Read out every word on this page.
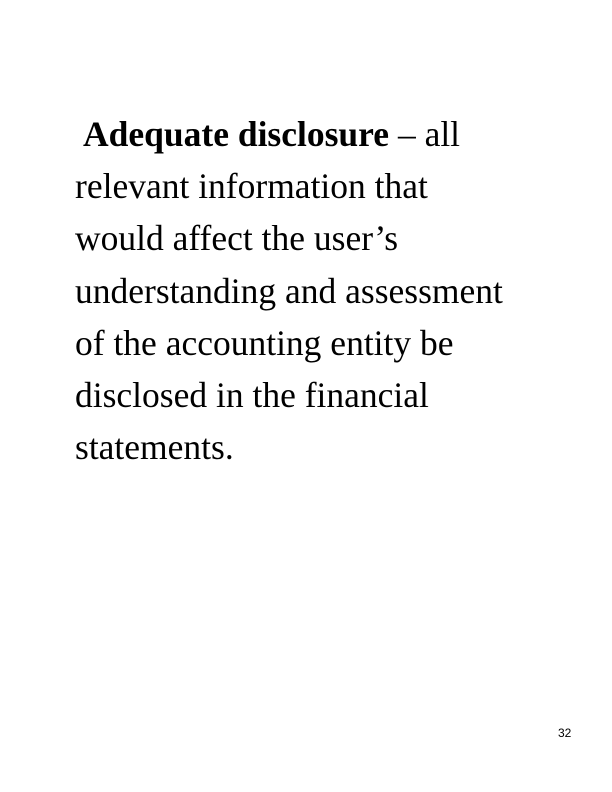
Adequate disclosure – all
relevant information that
would affect the user’s
understanding and assessment
of the accounting entity be
disclosed in the financial
statements.
32
